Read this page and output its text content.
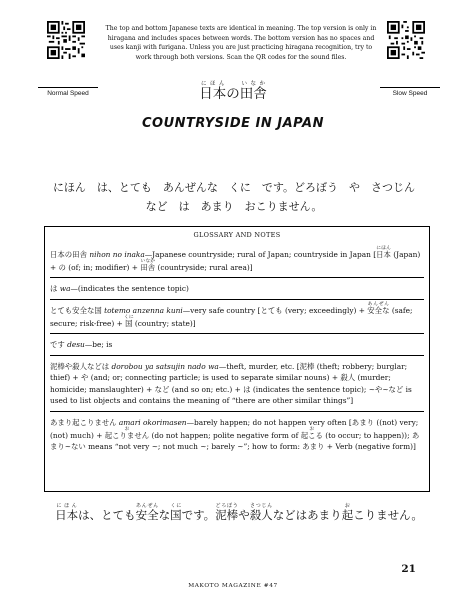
Normal Speed	Slow Speed
The top and bottom Japanese texts are identical in meaning. The top version is only in hiragana and includes spaces between words. The bottom version has no spaces and uses kanji with furigana. Unless you are just practicing hiragana recognition, try to work through both versions. Scan the QR codes for the sound files.
日本にほんの田舎いなか
COUNTRYSIDE IN JAPAN
にほん　は、とても　あんぜんな　くに　です。どろぼう　や　さつじん　など　は　あまり　おこりません。
GLOSSARY AND NOTES
日本の田舎 nihon no inaka—Japanese countryside; rural of Japan; countryside in Japan [日本にほん (Japan) + の (of; in; modifier) + 田舎いなか (countryside; rural area)]
は wa—(indicates the sentence topic)
とても安全な国 totemo anzenna kuni—very safe country [とても (very; exceedingly) + 安全なあんぜん (safe; secure; risk-free) + 国くに (country; state)]
です desu—be; is
泥棒や殺人などは dorobou ya satsujin nado wa—theft, murder, etc. [泥棒 (theft; robbery; burglar; thief) + や (and; or; connecting particle; is used to separate similar nouns) + 殺人 (murder; homicide; manslaughter) + など (and so on; etc.) + は (indicates the sentence topic); ~や~など is used to list objects and contains the meaning of “there are other similar things”]
あまり起こりません amari okorimasen—barely happen; do not happen very often [あまり ((not) very; (not) much) + 起こりませんお (do not happen; polite negative form of 起こるお (to occur; to happen)); あまり~ない means “not very ~; not much ~; barely ~”; how to form: あまり + Verb (negative form)]
日本にほんは、とても安全あんぜんな国くにです。泥棒どろぼうや殺人さつじんなどはあまり起おこりません。
21
MAKOTO MAGAZINE #47
